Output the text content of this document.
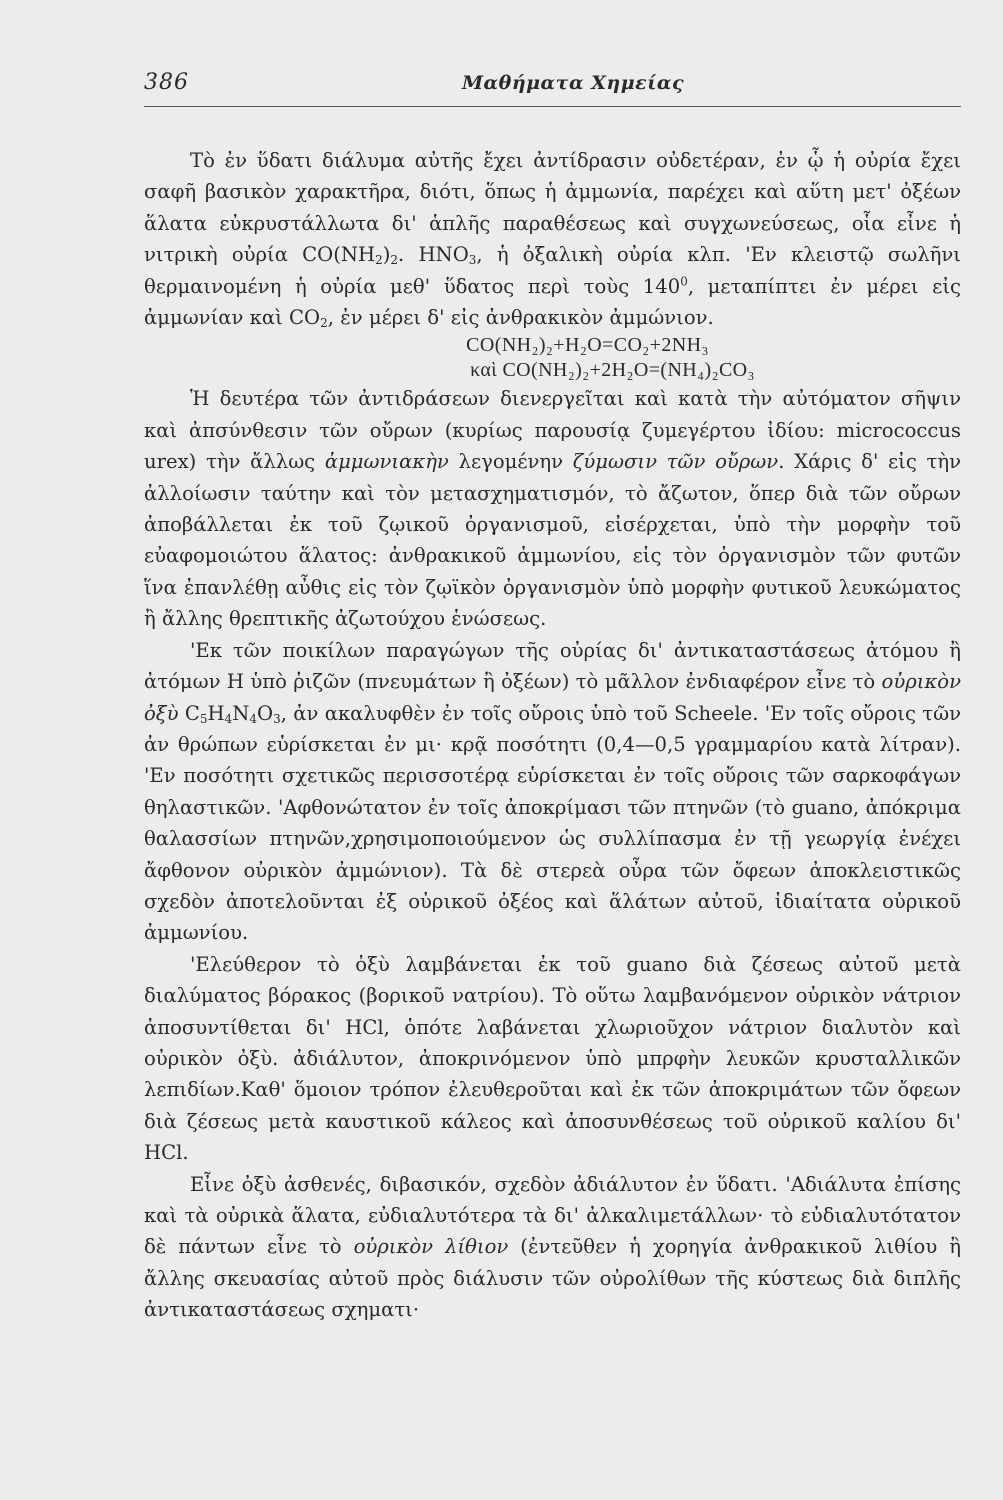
386	Μαθήματα Χημείας

Τὸ ἐν ὕδατι διάλυμα αὐτῆς ἔχει ἀντίδρασιν οὐδετέραν, ἐν ᾧ ἡ οὐρία ἔχει σαφῆ βασικὸν χαρακτῆρα, διότι, ὅπως ἡ ἀμμωνία, παρέχει καὶ αὕτη μετ' ὀξέων ἅλατα εὐκρυστάλλωτα δι' ἁπλῆς παραθέσεως καὶ συγχωνεύσεως, οἷα εἶνε ἡ νιτρικὴ οὐρία $CO(NH_2)_2$. $HNO_3$, ἡ ὀξαλικὴ οὐρία κλπ. 'Εν κλειστῷ σωλῆνι θερμαινομένη ἡ οὐρία μεθ' ὕδατος περὶ τοὺς $140^0$, μεταπίπτει ἐν μέρει εἰς ἀμμωνίαν καὶ $CO_2$, ἐν μέρει δ' εἰς ἀνθρακικὸν ἀμμώνιον.

CO(NH₂)₂+H₂O=CO₂+2NH₃
καὶ CO(NH₂)₂+2H₂O=(NH₄)₂CO₃

Ἡ δευτέρα τῶν ἀντιδράσεων διενεργεῖται καὶ κατὰ τὴν αὐτόματον σῆψιν καὶ ἀπσύνθεσιν τῶν οὔρων (κυρίως παρουσίᾳ ζυμεγέρτου ἰδίου: micrococcus urex) τὴν ἄλλως ἀμμωνιακὴν λεγομένην ζύμωσιν τῶν οὔρων. Χάρις δ' εἰς τὴν ἀλλοίωσιν ταύτην καὶ τὸν μετασχηματισμόν, τὸ ἄζωτον, ὅπερ διὰ τῶν οὔρων ἀποβάλλεται ἐκ τοῦ ζῳικοῦ ὀργανισμοῦ, εἰσέρχεται, ὑπὸ τὴν μορφὴν τοῦ εὐαφομοιώτου ἅλατος: ἀνθρακικοῦ ἀμμωνίου, εἰς τὸν ὀργανισμὸν τῶν φυτῶν ἵνα ἐπανλέθῃ αὖθις εἰς τὸν ζῳϊκὸν ὀργανισμὸν ὑπὸ μορφὴν φυτικοῦ λευκώματος ἢ ἄλλης θρεπτικῆς ἀζωτούχου ἑνώσεως.

'Εκ τῶν ποικίλων παραγώγων τῆς οὐρίας δι' ἀντικαταστάσεως ἀτόμου ἢ ἀτόμων Η ὑπὸ ῥιζῶν (πνευμάτων ἢ ὀξέων) τὸ μᾶλλον ἐνδιαφέρον εἶνε τὸ οὐρικὸν ὀξὺ $C_5H_4N_4O_3$, ἀν ακαλυφθὲν ἐν τοῖς οὔροις ὑπὸ τοῦ Scheele. 'Εν τοῖς οὔροις τῶν ἀν θρώπων εὑρίσκεται ἐν μι· κρᾷ ποσότητι (0,4—0,5 γραμμαρίου κατὰ λίτραν). 'Εν ποσότητι σχετικῶς περισσοτέρᾳ εὑρίσκεται ἐν τοῖς οὔροις τῶν σαρκοφάγων θηλαστικῶν. 'Αφθονώτατον ἐν τοῖς ἀποκρίμασι τῶν πτηνῶν (τὸ guano, ἀπόκριμα θαλασσίων πτηνῶν,χρησιμοποιούμενον ὡς συλλίπασμα ἐν τῇ γεωργίᾳ ἐνέχει ἄφθονον οὐρικὸν ἀμμώνιον). Τὰ δὲ στερεὰ οὖρα τῶν ὄφεων ἀποκλειστικῶς σχεδὸν ἀποτελοῦνται ἐξ οὐρικοῦ ὀξέος καὶ ἅλάτων αὐτοῦ, ἰδιαίτατα οὐρικοῦ ἀμμωνίου.

'Ελεύθερον τὸ ὀξὺ λαμβάνεται ἐκ τοῦ guano διὰ ζέσεως αὐτοῦ μετὰ διαλύματος βόρακος (βορικοῦ νατρίου). Τὸ οὕτω λαμβανόμενον οὐρικὸν νάτριον ἀποσυντίθεται δι' HCl, ὁπότε λαβάνεται χλωριοῦχον νάτριον διαλυτὸν καὶ οὐρικὸν ὀξὺ. ἀδιάλυτον, ἀποκρινόμενον ὑπὸ μπρφὴν λευκῶν κρυσταλλικῶν λεπιδίων.Καθ' ὅμοιον τρόπον ἐλευθεροῦται καὶ ἐκ τῶν ἀποκριμάτων τῶν ὄφεων διὰ ζέσεως μετὰ καυστικοῦ κάλεος καὶ ἀποσυνθέσεως τοῦ οὐρικοῦ καλίου δι' HCl.

Εἶνε ὀξὺ ἀσθενές, διβασικόν, σχεδὸν ἀδιάλυτον ἐν ὕδατι. 'Αδιάλυτα ἐπίσης καὶ τὰ οὐρικὰ ἅλατα, εὐδιαλυτότερα τὰ δι' ἀλκαλιμετάλλων· τὸ εὐδιαλυτότατον δὲ πάντων εἶνε τὸ οὐρικὸν λίθιον (ἐντεῦθεν ἡ χορηγία ἀνθρακικοῦ λιθίου ἢ ἄλλης σκευασίας αὐτοῦ πρὸς διάλυσιν τῶν οὐρολίθων τῆς κύστεως διὰ διπλῆς ἀντικαταστάσεως σχηματι·
